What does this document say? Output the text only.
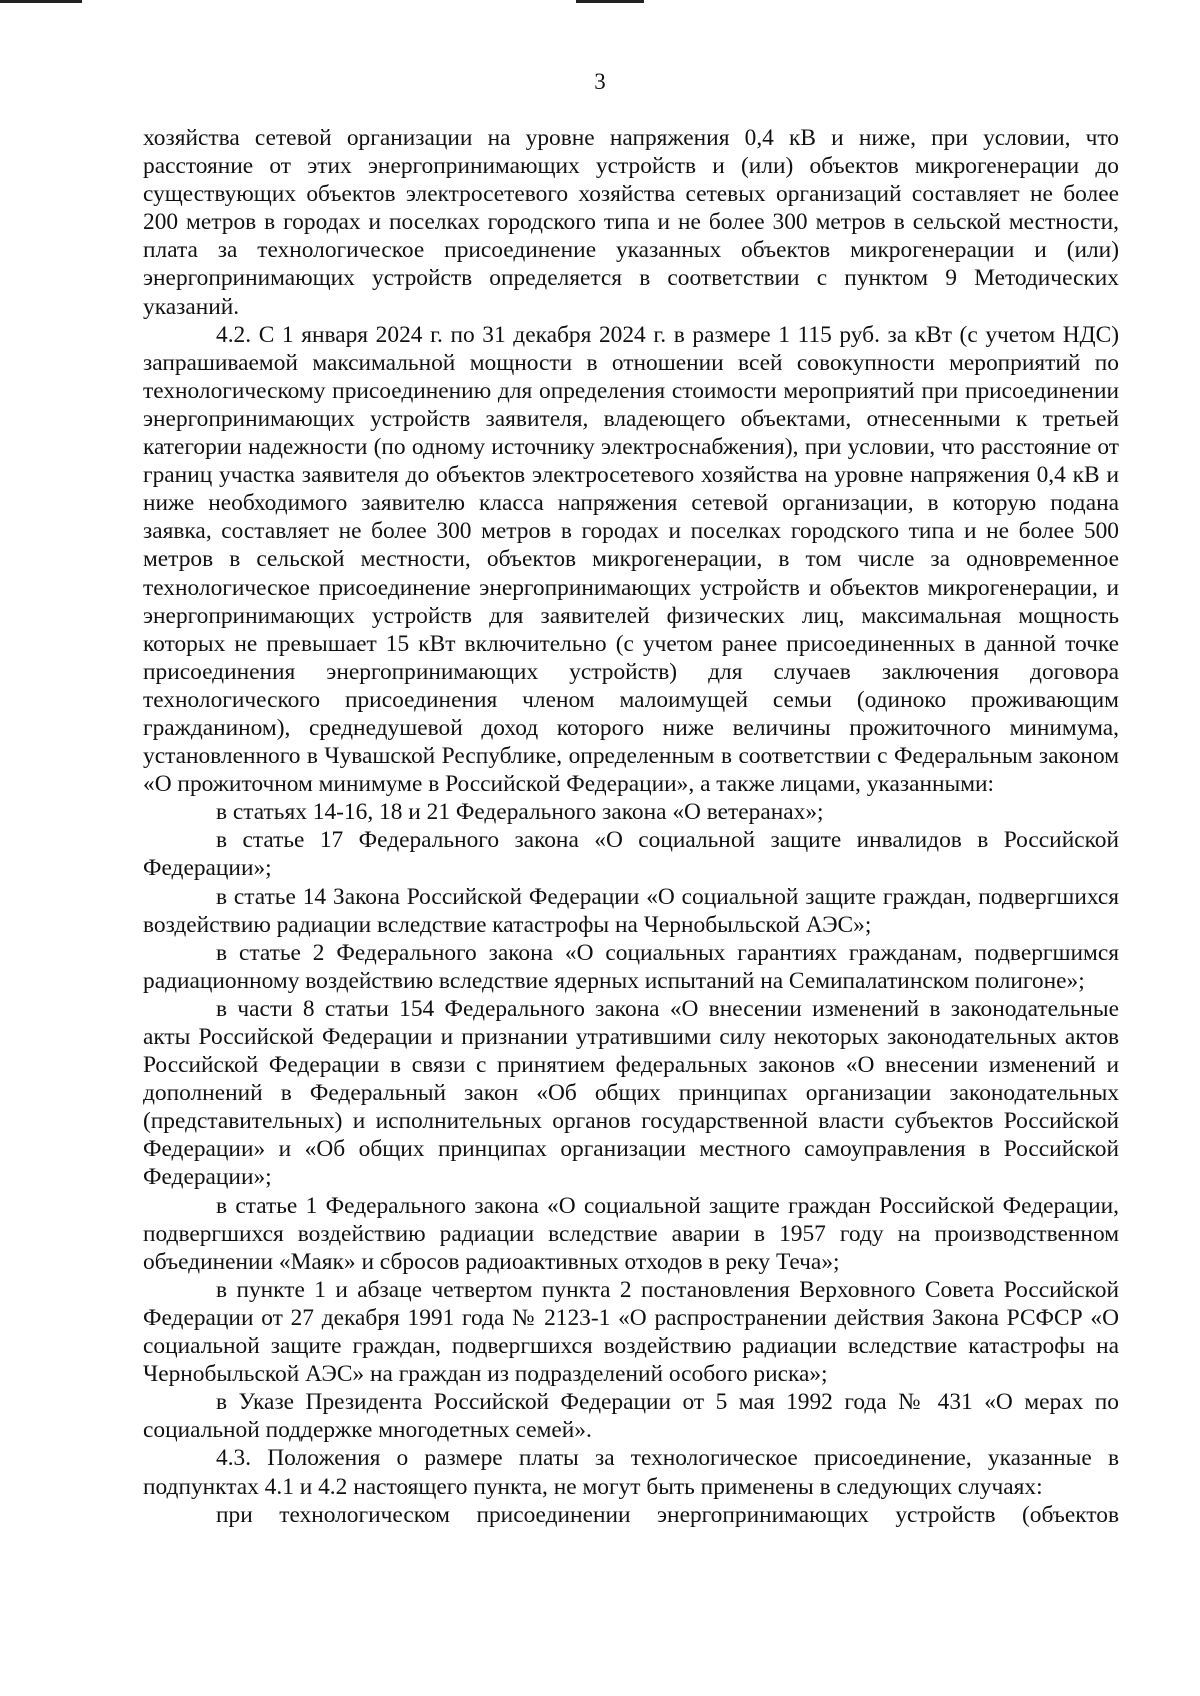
3

хозяйства сетевой организации на уровне напряжения 0,4 кВ и ниже, при условии, что расстояние от этих энергопринимающих устройств и (или) объектов микрогенерации до существующих объектов электросетевого хозяйства сетевых организаций составляет не более 200 метров в городах и поселках городского типа и не более 300 метров в сельской местности, плата за технологическое присоединение указанных объектов микрогенерации и (или) энергопринимающих устройств определяется в соответствии с пунктом 9 Методических указаний.

4.2. С 1 января 2024 г. по 31 декабря 2024 г. в размере 1 115 руб. за кВт (с учетом НДС) запрашиваемой максимальной мощности в отношении всей совокупности мероприятий по технологическому присоединению для определения стоимости мероприятий при присоединении энергопринимающих устройств заявителя, владеющего объектами, отнесенными к третьей категории надежности (по одному источнику электроснабжения), при условии, что расстояние от границ участка заявителя до объектов электросетевого хозяйства на уровне напряжения 0,4 кВ и ниже необходимого заявителю класса напряжения сетевой организации, в которую подана заявка, составляет не более 300 метров в городах и поселках городского типа и не более 500 метров в сельской местности, объектов микрогенерации, в том числе за одновременное технологическое присоединение энергопринимающих устройств и объектов микрогенерации, и энергопринимающих устройств для заявителей физических лиц, максимальная мощность которых не превышает 15 кВт включительно (с учетом ранее присоединенных в данной точке присоединения энергопринимающих устройств) для случаев заключения договора технологического присоединения членом малоимущей семьи (одиноко проживающим гражданином), среднедушевой доход которого ниже величины прожиточного минимума, установленного в Чувашской Республике, определенным в соответствии с Федеральным законом «О прожиточном минимуме в Российской Федерации», а также лицами, указанными:

в статьях 14-16, 18 и 21 Федерального закона «О ветеранах»;

в статье 17 Федерального закона «О социальной защите инвалидов в Российской Федерации»;

в статье 14 Закона Российской Федерации «О социальной защите граждан, подвергшихся воздействию радиации вследствие катастрофы на Чернобыльской АЭС»;

в статье 2 Федерального закона «О социальных гарантиях гражданам, подвергшимся радиационному воздействию вследствие ядерных испытаний на Семипалатинском полигоне»;

в части 8 статьи 154 Федерального закона «О внесении изменений в законодательные акты Российской Федерации и признании утратившими силу некоторых законодательных актов Российской Федерации в связи с принятием федеральных законов «О внесении изменений и дополнений в Федеральный закон «Об общих принципах организации законодательных (представительных) и исполнительных органов государственной власти субъектов Российской Федерации» и «Об общих принципах организации местного самоуправления в Российской Федерации»;

в статье 1 Федерального закона «О социальной защите граждан Российской Федерации, подвергшихся воздействию радиации вследствие аварии в 1957 году на производственном объединении «Маяк» и сбросов радиоактивных отходов в реку Теча»;

в пункте 1 и абзаце четвертом пункта 2 постановления Верховного Совета Российской Федерации от 27 декабря 1991 года № 2123-1 «О распространении действия Закона РСФСР «О социальной защите граждан, подвергшихся воздействию радиации вследствие катастрофы на Чернобыльской АЭС» на граждан из подразделений особого риска»;

в Указе Президента Российской Федерации от 5 мая 1992 года № 431 «О мерах по социальной поддержке многодетных семей».

4.3. Положения о размере платы за технологическое присоединение, указанные в подпунктах 4.1 и 4.2 настоящего пункта, не могут быть применены в следующих случаях:

при технологическом присоединении энергопринимающих устройств (объектов
